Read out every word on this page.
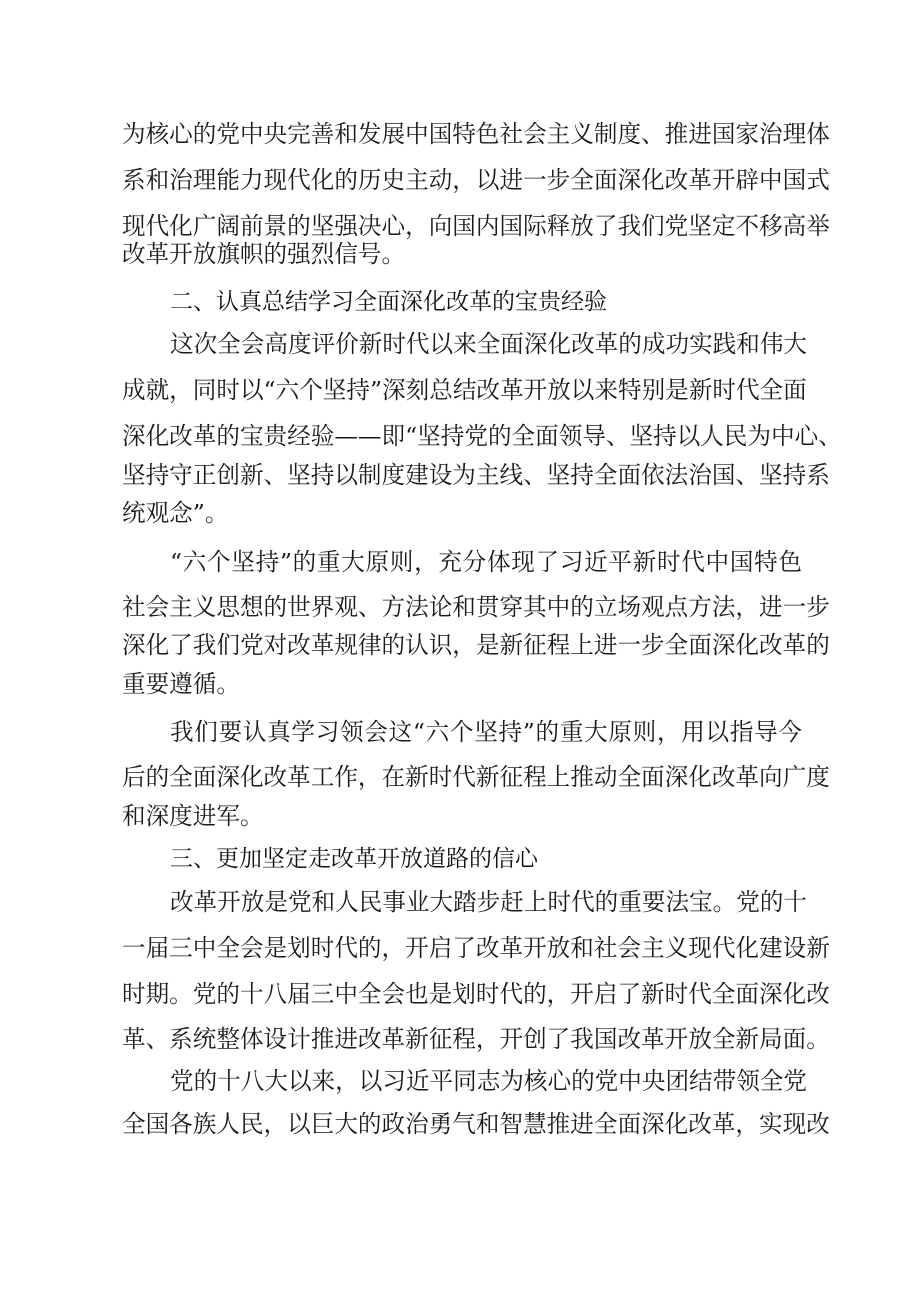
为核心的党中央完善和发展中国特色社会主义制度、推进国家治理体

系和治理能力现代化的历史主动，以进一步全面深化改革开辟中国式

现代化广阔前景的坚强决心，向国内国际释放了我们党坚定不移高举

改革开放旗帜的强烈信号。

二、认真总结学习全面深化改革的宝贵经验

这次全会高度评价新时代以来全面深化改革的成功实践和伟大

成就，同时以“六个坚持”深刻总结改革开放以来特别是新时代全面

深化改革的宝贵经验——即“坚持党的全面领导、坚持以人民为中心、

坚持守正创新、坚持以制度建设为主线、坚持全面依法治国、坚持系

统观念”。

“六个坚持”的重大原则，充分体现了习近平新时代中国特色

社会主义思想的世界观、方法论和贯穿其中的立场观点方法，进一步

深化了我们党对改革规律的认识，是新征程上进一步全面深化改革的

重要遵循。

我们要认真学习领会这“六个坚持”的重大原则，用以指导今

后的全面深化改革工作，在新时代新征程上推动全面深化改革向广度

和深度进军。

三、更加坚定走改革开放道路的信心

改革开放是党和人民事业大踏步赶上时代的重要法宝。党的十

一届三中全会是划时代的，开启了改革开放和社会主义现代化建设新

时期。党的十八届三中全会也是划时代的，开启了新时代全面深化改

革、系统整体设计推进改革新征程，开创了我国改革开放全新局面。

党的十八大以来，以习近平同志为核心的党中央团结带领全党

全国各族人民，以巨大的政治勇气和智慧推进全面深化改革，实现改
